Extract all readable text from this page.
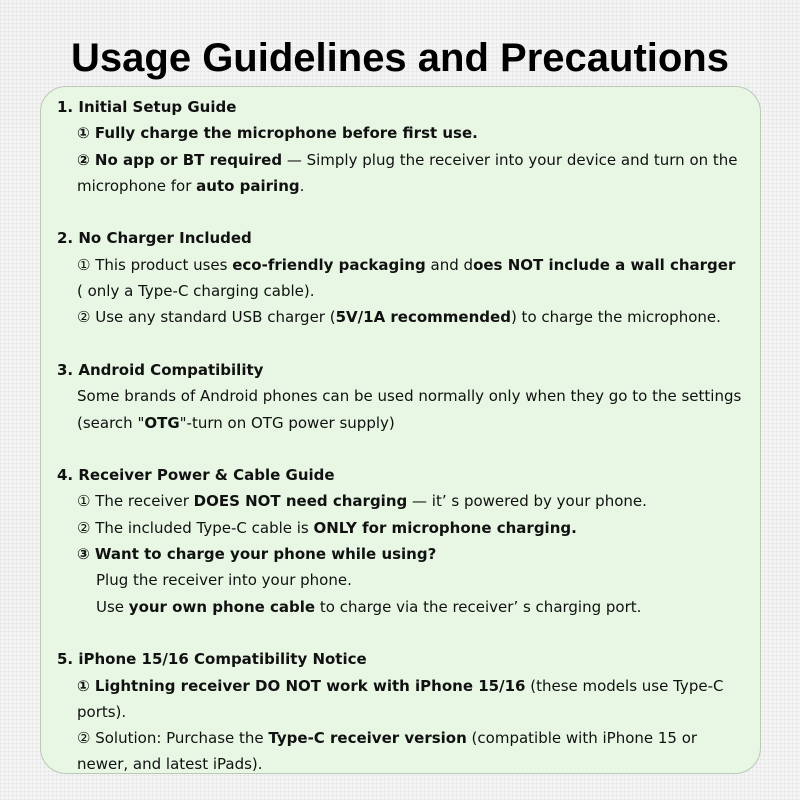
Usage Guidelines and Precautions

1. Initial Setup Guide

① Fully charge the microphone before first use.

② No app or BT required — Simply plug the receiver into your device and turn on the microphone for auto pairing.

2. No Charger Included

① This product uses eco-friendly packaging and does NOT include a wall charger ( only a Type-C charging cable).

② Use any standard USB charger (5V/1A recommended) to charge the microphone.

3. Android Compatibility

Some brands of Android phones can be used normally only when they go to the settings (search "OTG"-turn on OTG power supply)

4. Receiver Power & Cable Guide

① The receiver DOES NOT need charging — it’ s powered by your phone.

② The included Type-C cable is ONLY for microphone charging.

③ Want to charge your phone while using?

Plug the receiver into your phone.

Use your own phone cable to charge via the receiver’ s charging port.

5. iPhone 15/16 Compatibility Notice

① Lightning receiver DO NOT work with iPhone 15/16 (these models use Type-C ports).

② Solution: Purchase the Type-C receiver version (compatible with iPhone 15 or newer, and latest iPads).
